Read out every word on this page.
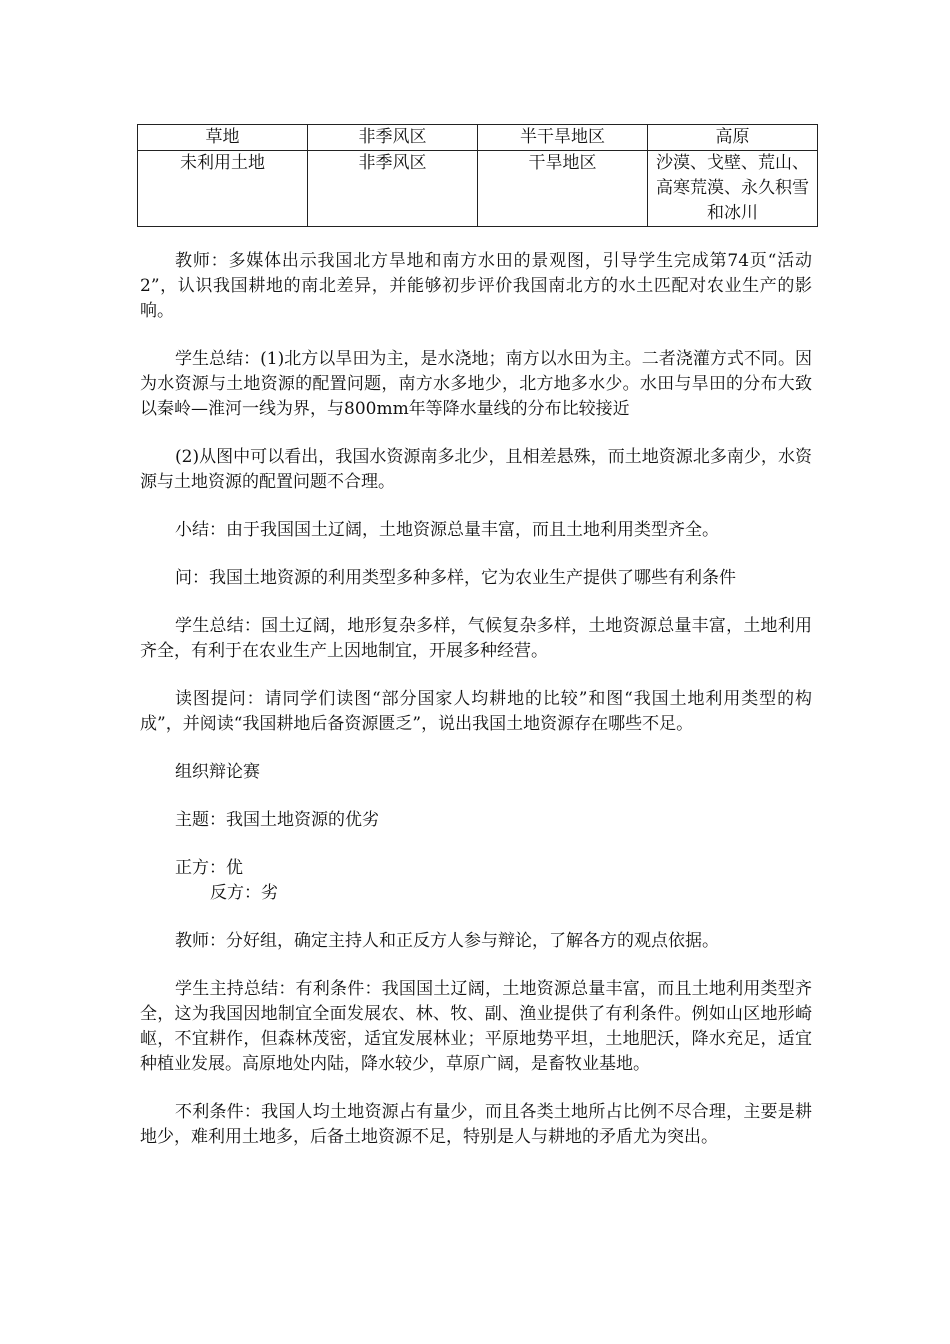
草地	非季风区	半干旱地区	高原
未利用土地	非季风区	干旱地区	沙漠、戈壁、荒山、高寒荒漠、永久积雪和冰川

教师：多媒体出示我国北方旱地和南方水田的景观图，引导学生完成第74页“活动2”，认识我国耕地的南北差异，并能够初步评价我国南北方的水土匹配对农业生产的影响。

学生总结：(1)北方以旱田为主，是水浇地；南方以水田为主。二者浇灌方式不同。因为水资源与土地资源的配置问题，南方水多地少，北方地多水少。水田与旱田的分布大致以秦岭—淮河一线为界，与800mm年等降水量线的分布比较接近

(2)从图中可以看出，我国水资源南多北少，且相差悬殊，而土地资源北多南少，水资源与土地资源的配置问题不合理。

小结：由于我国国土辽阔，土地资源总量丰富，而且土地利用类型齐全。

问：我国土地资源的利用类型多种多样，它为农业生产提供了哪些有利条件

学生总结：国土辽阔，地形复杂多样，气候复杂多样，土地资源总量丰富，土地利用齐全，有利于在农业生产上因地制宜，开展多种经营。

读图提问：请同学们读图“部分国家人均耕地的比较”和图“我国土地利用类型的构成”，并阅读“我国耕地后备资源匮乏”，说出我国土地资源存在哪些不足。

组织辩论赛

主题：我国土地资源的优劣

正方：优

反方：劣

教师：分好组，确定主持人和正反方人参与辩论，了解各方的观点依据。

学生主持总结：有利条件：我国国土辽阔，土地资源总量丰富，而且土地利用类型齐全，这为我国因地制宜全面发展农、林、牧、副、渔业提供了有利条件。例如山区地形崎岖，不宜耕作，但森林茂密，适宜发展林业；平原地势平坦，土地肥沃，降水充足，适宜种植业发展。高原地处内陆，降水较少，草原广阔，是畜牧业基地。

不利条件：我国人均土地资源占有量少，而且各类土地所占比例不尽合理，主要是耕地少，难利用土地多，后备土地资源不足，特别是人与耕地的矛盾尤为突出。
